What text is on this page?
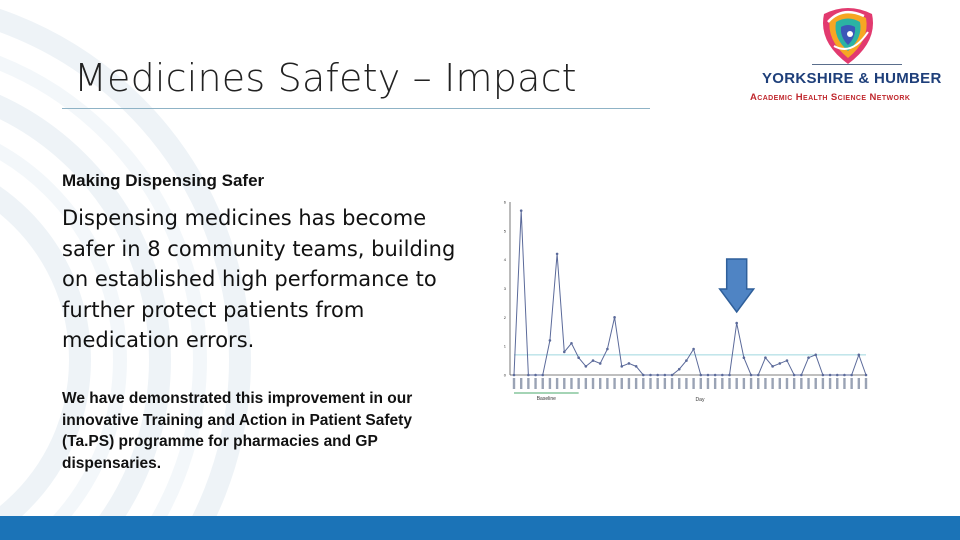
Medicines Safety – Impact	YORKSHIRE & HUMBER
Academic Health Science Network
Making Dispensing Safer

Dispensing medicines has become safer in 8 community teams, building on established high performance to further protect patients from medication errors.

We have demonstrated this improvement in our innovative Training and Action in Patient Safety (Ta.PS) programme for pharmacies and GP dispensaries.

0
1
2
3
4
5
6
Baseline	Day
